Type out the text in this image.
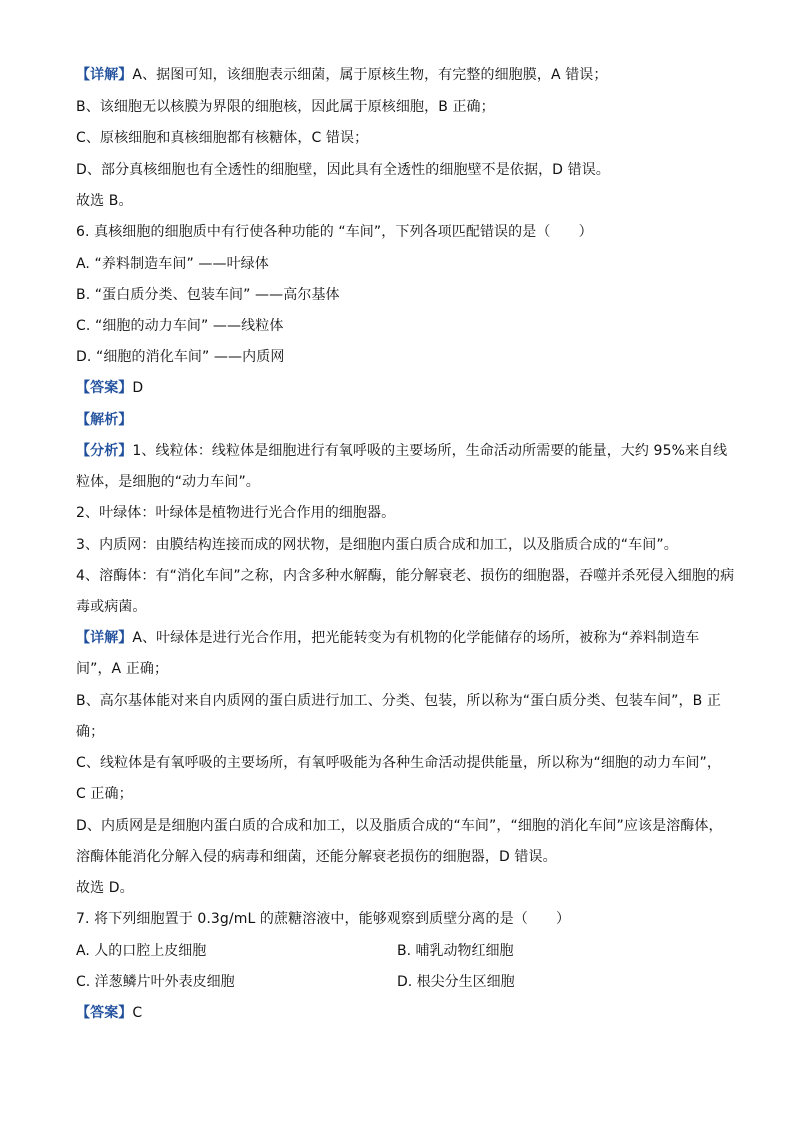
【详解】A、据图可知，该细胞表示细菌，属于原核生物，有完整的细胞膜，A 错误；
B、该细胞无以核膜为界限的细胞核，因此属于原核细胞，B 正确；
C、原核细胞和真核细胞都有核糖体，C 错误；
D、部分真核细胞也有全透性的细胞壁，因此具有全透性的细胞壁不是依据，D 错误。
故选 B。
6. 真核细胞的细胞质中有行使各种功能的 “车间”，下列各项匹配错误的是（　　）
A. “养料制造车间” ——叶绿体
B. “蛋白质分类、包装车间” ——高尔基体
C. “细胞的动力车间” ——线粒体
D. “细胞的消化车间” ——内质网
【答案】D
【解析】
【分析】1、线粒体：线粒体是细胞进行有氧呼吸的主要场所，生命活动所需要的能量，大约 95%来自线
粒体，是细胞的“动力车间”。
2、叶绿体：叶绿体是植物进行光合作用的细胞器。
3、内质网：由膜结构连接而成的网状物，是细胞内蛋白质合成和加工，以及脂质合成的“车间”。
4、溶酶体：有“消化车间”之称，内含多种水解酶，能分解衰老、损伤的细胞器，吞噬并杀死侵入细胞的病
毒或病菌。
【详解】A、叶绿体是进行光合作用，把光能转变为有机物的化学能储存的场所，被称为“养料制造车
间”，A 正确；
B、高尔基体能对来自内质网的蛋白质进行加工、分类、包装，所以称为“蛋白质分类、包装车间”，B 正
确；
C、线粒体是有氧呼吸的主要场所，有氧呼吸能为各种生命活动提供能量，所以称为“细胞的动力车间”，
C 正确；
D、内质网是是细胞内蛋白质的合成和加工，以及脂质合成的“车间”，“细胞的消化车间”应该是溶酶体，
溶酶体能消化分解入侵的病毒和细菌，还能分解衰老损伤的细胞器，D 错误。
故选 D。
7. 将下列细胞置于 0.3g/mL 的蔗糖溶液中，能够观察到质壁分离的是（　　）
A. 人的口腔上皮细胞	B. 哺乳动物红细胞
C. 洋葱鳞片叶外表皮细胞	D. 根尖分生区细胞
【答案】C
